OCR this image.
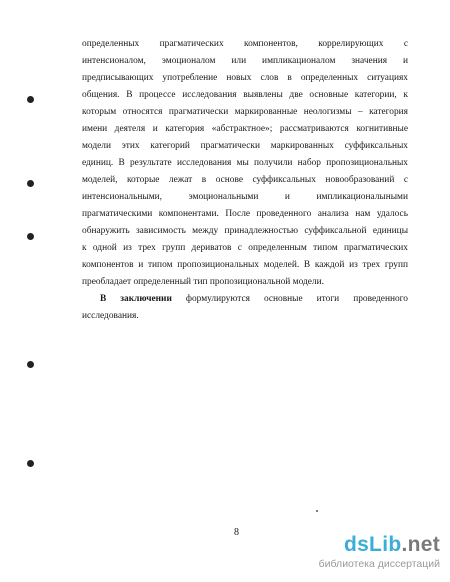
определенных прагматических компонентов, коррелирующих с
интенсионалом, эмоционалом или импликационалом значения и
предписывающих употребление новых слов в определенных ситуациях
общения. В процессе исследования выявлены две основные категории, к
которым относятся прагматически маркированные неологизмы – категория
имени деятеля и категория «абстрактное»; рассматриваются когнитивные
модели этих категорий прагматически маркированных суффиксальных
единиц. В результате исследования мы получили набор пропозициональных
моделей, которые лежат в основе суффиксальных новообразований с
интенсиональными, эмоциональными и импликационалыными
прагматическими компонентами. После проведенного анализа нам удалось
обнаружить зависимость между принадлежностью суффиксальной единицы
к одной из трех групп дериватов с определенным типом прагматических
компонентов и типом пропозициональных моделей. В каждой из трех групп
преобладает определенный тип пропозициональной модели.
В заключении формулируются основные итоги проведенного
исследования.
8
dsLib.net
библиотека диссертаций
